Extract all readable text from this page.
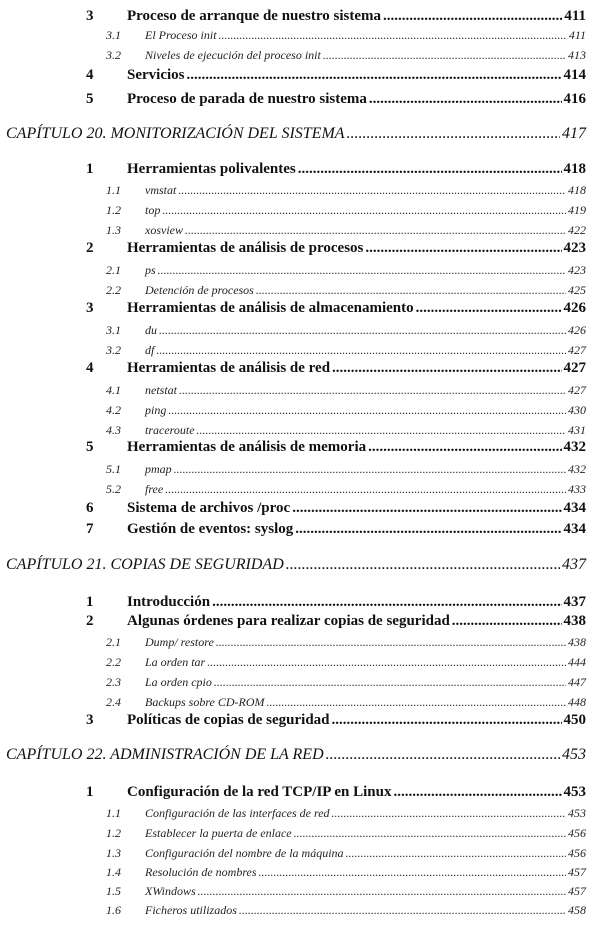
3	Proceso de arranque de nuestro sistema .....	411
3.1	El Proceso init .....	411
3.2	Niveles de ejecución del proceso init .....	413
4	Servicios .....	414
5	Proceso de parada de nuestro sistema .....	416
CAPÍTULO 20. MONITORIZACIÓN DEL SISTEMA .....	417
1	Herramientas polivalentes .....	418
1.1	vmstat .....	418
1.2	top .....	419
1.3	xosview .....	422
2	Herramientas de análisis de procesos .....	423
2.1	ps .....	423
2.2	Detención de procesos .....	425
3	Herramientas de análisis de almacenamiento .....	426
3.1	du .....	426
3.2	df .....	427
4	Herramientas de análisis de red .....	427
4.1	netstat .....	427
4.2	ping .....	430
4.3	traceroute .....	431
5	Herramientas de análisis de memoria .....	432
5.1	pmap .....	432
5.2	free .....	433
6	Sistema de archivos /proc .....	434
7	Gestión de eventos: syslog .....	434
CAPÍTULO 21. COPIAS DE SEGURIDAD .....	437
1	Introducción .....	437
2	Algunas órdenes para realizar copias de seguridad .....	438
2.1	Dump/ restore .....	438
2.2	La orden tar .....	444
2.3	La orden cpio .....	447
2.4	Backups sobre CD-ROM .....	448
3	Políticas de copias de seguridad .....	450
CAPÍTULO 22. ADMINISTRACIÓN DE LA RED .....	453
1	Configuración de la red TCP/IP en Linux .....	453
1.1	Configuración de las interfaces de red .....	453
1.2	Establecer la puerta de enlace .....	456
1.3	Configuración del nombre de la máquina .....	456
1.4	Resolución de nombres .....	457
1.5	XWindows .....	457
1.6	Ficheros utilizados .....	458
